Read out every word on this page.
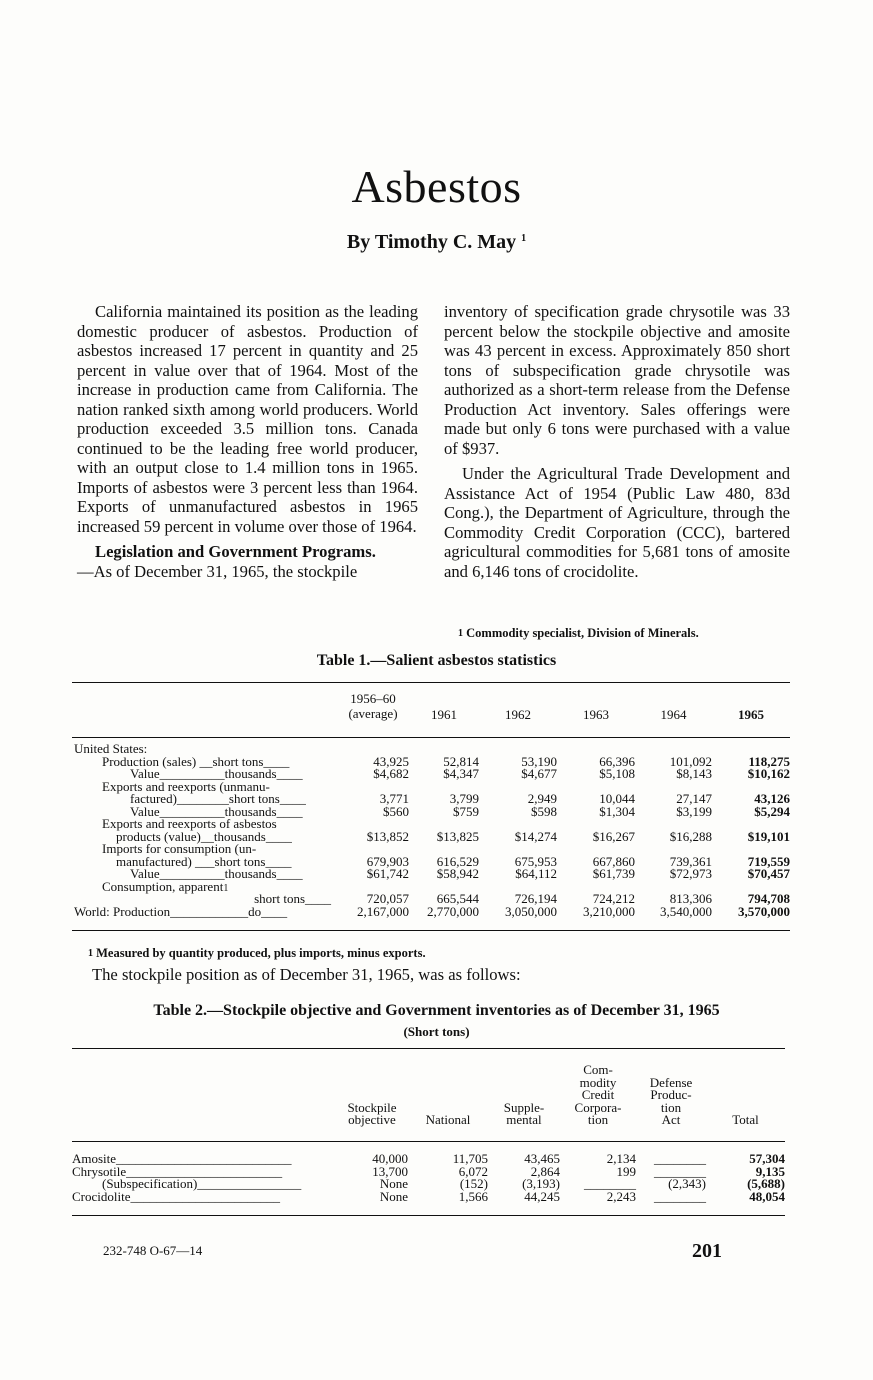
Asbestos
By Timothy C. May $^1$

California maintained its position as the leading domestic producer of asbestos. Production of asbestos increased 17 percent in quantity and 25 percent in value over that of 1964. Most of the increase in production came from California. The nation ranked sixth among world producers. World production exceeded 3.5 million tons. Canada continued to be the leading free world producer, with an output close to 1.4 million tons in 1965. Imports of asbestos were 3 percent less than 1964. Exports of unmanufactured asbestos in 1965 increased 59 percent in volume over those of 1964.

Legislation and Government Programs.
—As of December 31, 1965, the stockpile

inventory of specification grade chrysotile was 33 percent below the stockpile objective and amosite was 43 percent in excess. Approximately 850 short tons of subspecification grade chrysotile was authorized as a short-term release from the Defense Production Act inventory. Sales offerings were made but only 6 tons were purchased with a value of $937.

Under the Agricultural Trade Development and Assistance Act of 1954 (Public Law 480, 83d Cong.), the Department of Agriculture, through the Commodity Credit Corporation (CCC), bartered agricultural commodities for 5,681 tons of amosite and 6,146 tons of crocidolite.

$^1$ Commodity specialist, Division of Minerals.
Table 1.—Salient asbestos statistics
	1956–60
(average)	1961	1962	1963	1964	1965
United States:						
Production (sales) __short tons____	43,925	52,814	53,190	66,396	101,092	118,275
Value__________thousands____	$4,682	$4,347	$4,677	$5,108	$8,143	$10,162
Exports and reexports (unmanu-						
factured)________short tons____	3,771	3,799	2,949	10,044	27,147	43,126
Value__________thousands____	$560	$759	$598	$1,304	$3,199	$5,294
Exports and reexports of asbestos						
products (value)__thousands____	$13,852	$13,825	$14,274	$16,267	$16,288	$19,101
Imports for consumption (un-						
manufactured) ___short tons____	679,903	616,529	675,953	667,860	739,361	719,559
Value__________thousands____	$61,742	$58,942	$64,112	$61,739	$72,973	$70,457
Consumption, apparent$^1$	
short tons____	720,057	665,544	726,194	724,212	813,306	794,708
World: Production____________do____	2,167,000	2,770,000	3,050,000	3,210,000	3,540,000	3,570,000
$^1$ Measured by quantity produced, plus imports, minus exports.
The stockpile position as of December 31, 1965, was as follows:
Table 2.—Stockpile objective and Government inventories as of December 31, 1965
(Short tons)
	Stockpile
objective	National	Supple-
mental	Com-
modity
Credit
Corpora-
tion	Defense
Produc-
tion
Act	Total
Amosite___________________________	40,000	11,705	43,465	2,134	________	57,304
Chrysotile________________________	13,700	6,072	2,864	199	________	9,135
(Subspecification)________________	None	(152)	(3,193)	________	(2,343)	(5,688)
Crocidolite_______________________	None	1,566	44,245	2,243	________	48,054
232-748 O-67—14	201
